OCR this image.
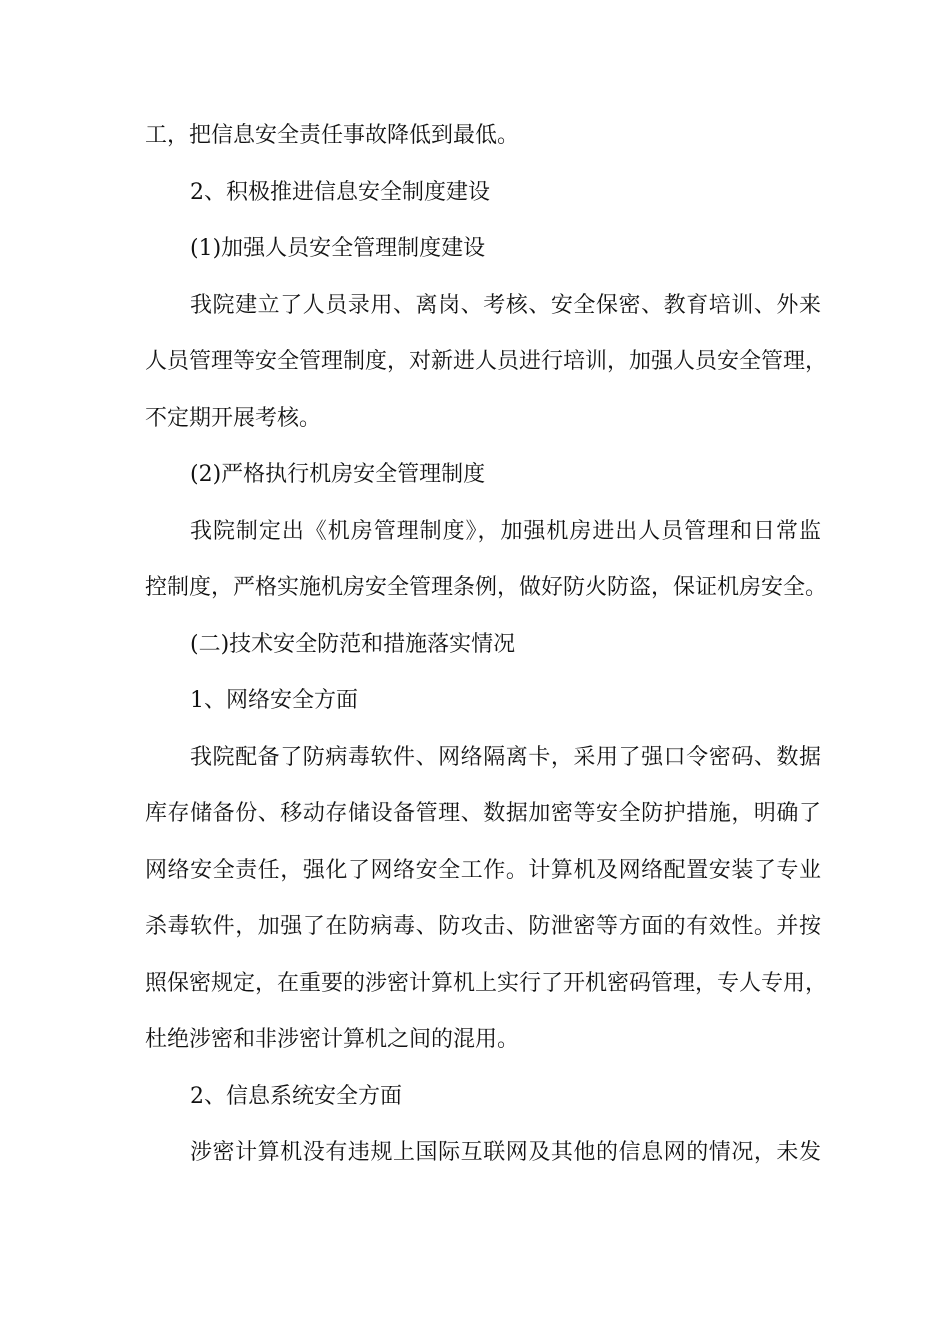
工，把信息安全责任事故降低到最低。
2、积极推进信息安全制度建设
(1)加强人员安全管理制度建设
我院建立了人员录用、离岗、考核、安全保密、教育培训、外来
人员管理等安全管理制度，对新进人员进行培训，加强人员安全管理，
不定期开展考核。
(2)严格执行机房安全管理制度
我院制定出《机房管理制度》，加强机房进出人员管理和日常监
控制度，严格实施机房安全管理条例，做好防火防盗，保证机房安全。
(二)技术安全防范和措施落实情况
1、网络安全方面
我院配备了防病毒软件、网络隔离卡，采用了强口令密码、数据
库存储备份、移动存储设备管理、数据加密等安全防护措施，明确了
网络安全责任，强化了网络安全工作。计算机及网络配置安装了专业
杀毒软件，加强了在防病毒、防攻击、防泄密等方面的有效性。并按
照保密规定，在重要的涉密计算机上实行了开机密码管理，专人专用，
杜绝涉密和非涉密计算机之间的混用。
2、信息系统安全方面
涉密计算机没有违规上国际互联网及其他的信息网的情况，未发
